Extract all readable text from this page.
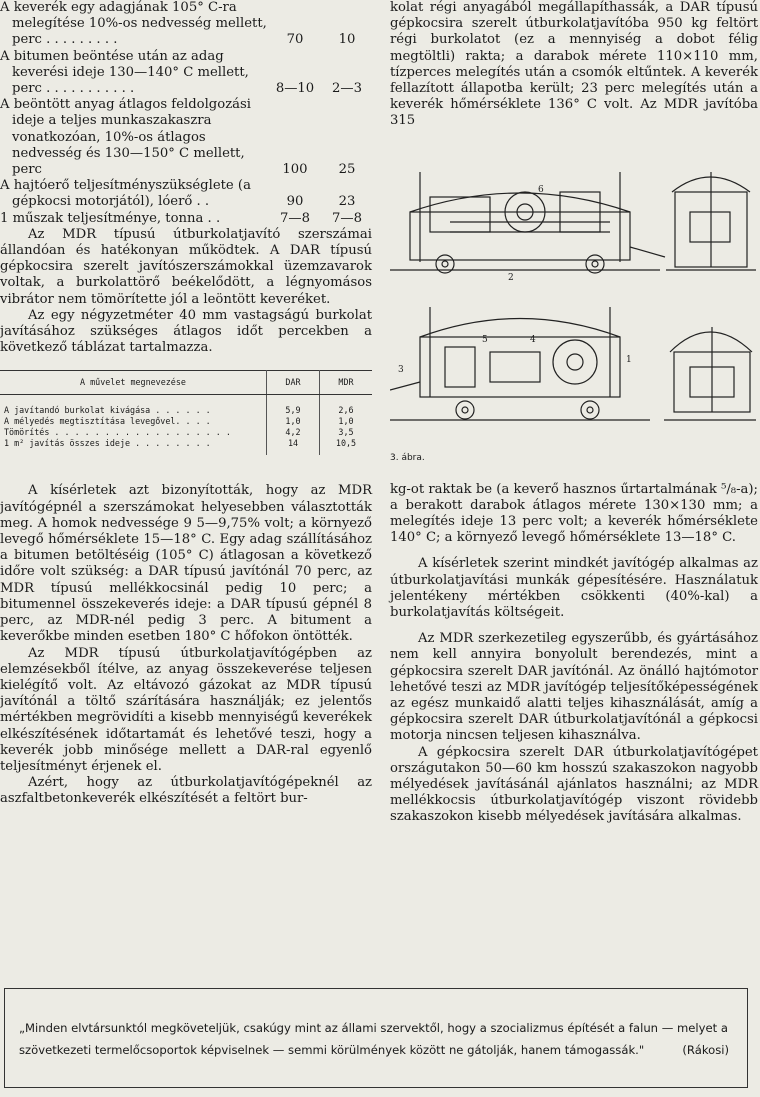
A keverék egy adagjának 105° C-ra melegítése 10%-os nedvesség mellett, perc . . . . . . . . .	70	10
A bitumen beöntése után az adag keverési ideje 130—140° C mellett, perc . . . . . . . . . . .	8—10	2—3
A beöntött anyag átlagos feldolgozási ideje a teljes munkaszakaszra vonatkozóan, 10%-os átlagos nedvesség és 130—150° C mellett, perc	100	25
A hajtóerő teljesítményszükséglete (a gépkocsi motorjától), lóerő . .	90	23
1 műszak teljesítménye, tonna . .	7—8	7—8

Az MDR típusú útburkolatjavító szerszámai állandóan és hatékonyan működtek. A DAR típusú gépkocsira szerelt javítószerszámokkal üzemzavarok voltak, a burkolattörő beékelődött, a légnyomásos vibrátor nem tömörítette jól a leöntött keveréket.

Az egy négyzetméter 40 mm vastagságú burkolat javításához szükséges átlagos időt percekben a következő táblázat tartalmazza.

A művelet megnevezése	DAR	MDR
A javítandó burkolat kivágása . . . . . .	5,9	2,6
A mélyedés megtisztítása levegővel. . . .	1,0	1,0
Tömörítés . . . . . . . . . . . . . . . . . .	4,2	3,5
1 m² javítás összes ideje . . . . . . . .	14	10,5

A kísérletek azt bizonyították, hogy az MDR javítógépnél a szerszámokat helyesebben választották meg. A homok nedvessége 9 5—9,75% volt; a környező levegő hőmérséklete 15—18° C. Egy adag szállításához a bitumen betöltéséig (105° C) átlagosan a következő időre volt szükség: a DAR típusú javítónál 70 perc, az MDR típusú mellékkocsinál pedig 10 perc; a bitumennel összekeverés ideje: a DAR típusú gépnél 8 perc, az MDR-nél pedig 3 perc. A bitument a keverőkbe minden esetben 180° C hőfokon öntötték.

Az MDR típusú útburkolatjavítógépben az elemzésekből ítélve, az anyag összekeverése teljesen kielégítő volt. Az eltávozó gázokat az MDR típusú javítónál a töltő szárítására használják; ez jelentős mértékben megrövidíti a kisebb mennyiségű keverékek elkészítésének időtartamát és lehetővé teszi, hogy a keverék jobb minősége mellett a DAR-ral egyenlő teljesítményt érjenek el.

Azért, hogy az útburkolatjavítógépeknél az aszfaltbetonkeverék elkészítését a feltört bur-

kolat régi anyagából megállapíthassák, a DAR típusú gépkocsira szerelt útburkolatjavítóba 950 kg feltört régi burkolatot (ez a mennyiség a dobot félig megtöltli) rakta; a darabok mérete 110×110 mm, tízperces melegítés után a csomók eltűntek. A keverék fellazított állapotba került; 23 perc melegítés után a keverék hőmérséklete 136° C volt. Az MDR javítóba 315

2
6
3
5	4
1
3. ábra.

kg-ot raktak be (a keverő hasznos űrtartalmának ⁵/₈-a); a berakott darabok átlagos mérete 130×130 mm; a melegítés ideje 13 perc volt; a keverék hőmérséklete 140° C; a környező levegő hőmérséklete 13—18° C.

A kísérletek szerint mindkét javítógép alkalmas az útburkolatjavítási munkák gépesítésére. Használatuk jelentékeny mértékben csökkenti (40%-kal) a burkolatjavítás költségeit.

Az MDR szerkezetileg egyszerűbb, és gyártásához nem kell annyira bonyolult berendezés, mint a gépkocsira szerelt DAR javítónál. Az önálló hajtómotor lehetővé teszi az MDR javítógép teljesítőképességének az egész munkaidő alatti teljes kihasználását, amíg a gépkocsira szerelt DAR útburkolatjavítónál a gépkocsi motorja nincsen teljesen kihasználva.

A gépkocsira szerelt DAR útburkolatjavítógépet országutakon 50—60 km hosszú szakaszokon nagyobb mélyedések javításánál ajánlatos használni; az MDR mellékkocsis útburkolatjavítógép viszont rövidebb szakaszokon kisebb mélyedések javítására alkalmas.

„Minden elvtársunktól megköveteljük, csakúgy mint az állami szervektől, hogy a szocializmus építését a falun — melyet a szövetkezeti termelőcsoportok képviselnek — semmi körülmények között ne gátolják, hanem támogassák."	(Rákosi)
